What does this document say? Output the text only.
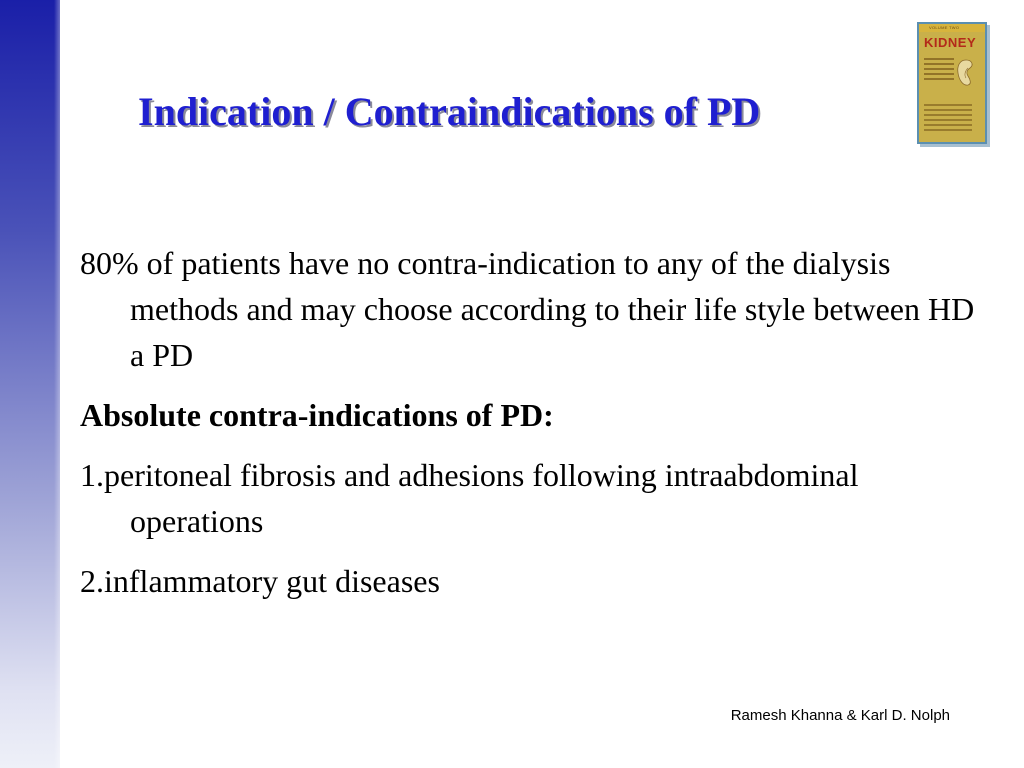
Indication / Contraindications of PD
VOLUME TWO
KIDNEY

80% of patients have no contra-indication to any of the dialysis methods and may choose according to their life style between HD a PD

Absolute contra-indications of PD:

1.peritoneal fibrosis and adhesions following intraabdominal operations

2.inflammatory gut diseases

Ramesh Khanna & Karl D. Nolph
